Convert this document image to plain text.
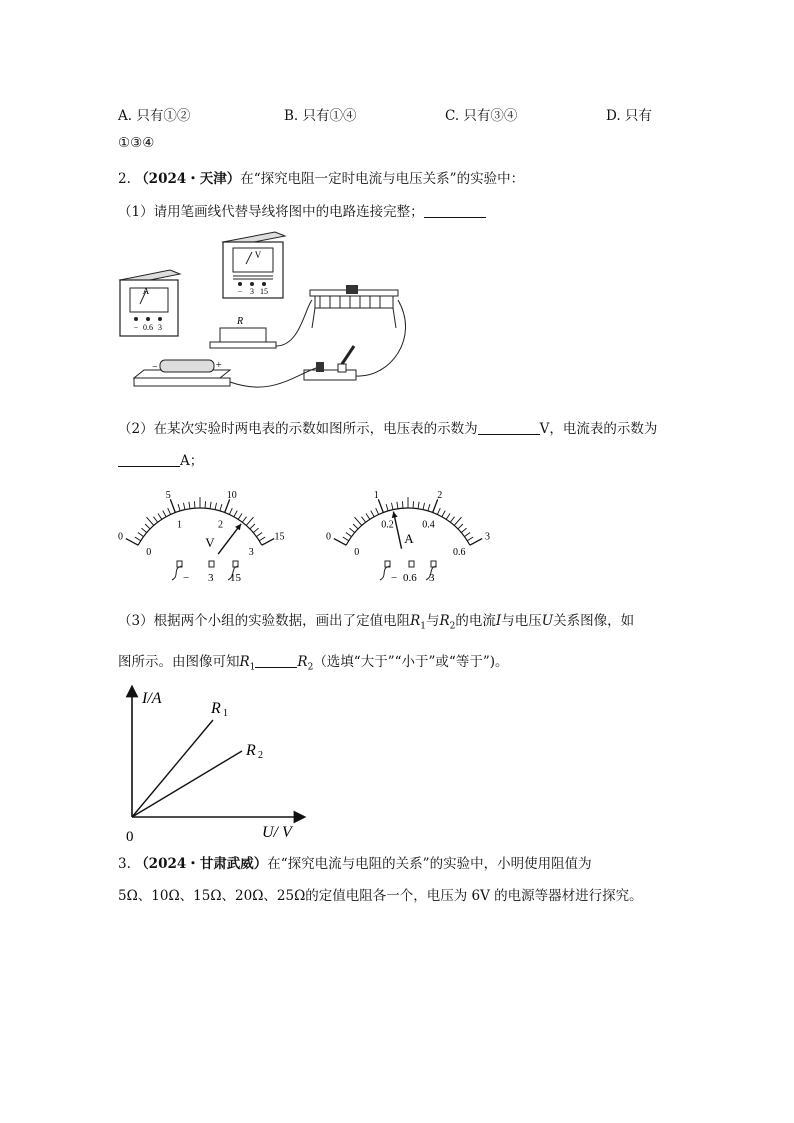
A. 只有①②	B. 只有①④	C. 只有③④	D. 只有
①③④
2. （2024・天津）在“探究电阻一定时电流与电压关系”的实验中：
（1）请用笔画线代替导线将图中的电路连接完整；
A
− 0.6 3
V
− 3 15
R
−	+
（2）在某次实验时两电表的示数如图所示，电压表的示数为	V，电流表的示数为
A；
0
5	10
15
0
1	2
3
0
1	2
3
0
0.2	0.4
0.6
V	A
− 3 15	− 0.6 3
（3）根据两个小组的实验数据，画出了定值电阻$R_1$与$R_2$的电流I与电压U关系图像，如
图所示。由图像可知$R_1$	$R_2$（选填“大于”“小于”或“等于”)。
I/A
U/ V
0
R 1
R 2
3. （2024・甘肃武威）在“探究电流与电阻的关系”的实验中，小明使用阻值为
5Ω、10Ω、15Ω、20Ω、25Ω的定值电阻各一个，电压为 6V 的电源等器材进行探究。
